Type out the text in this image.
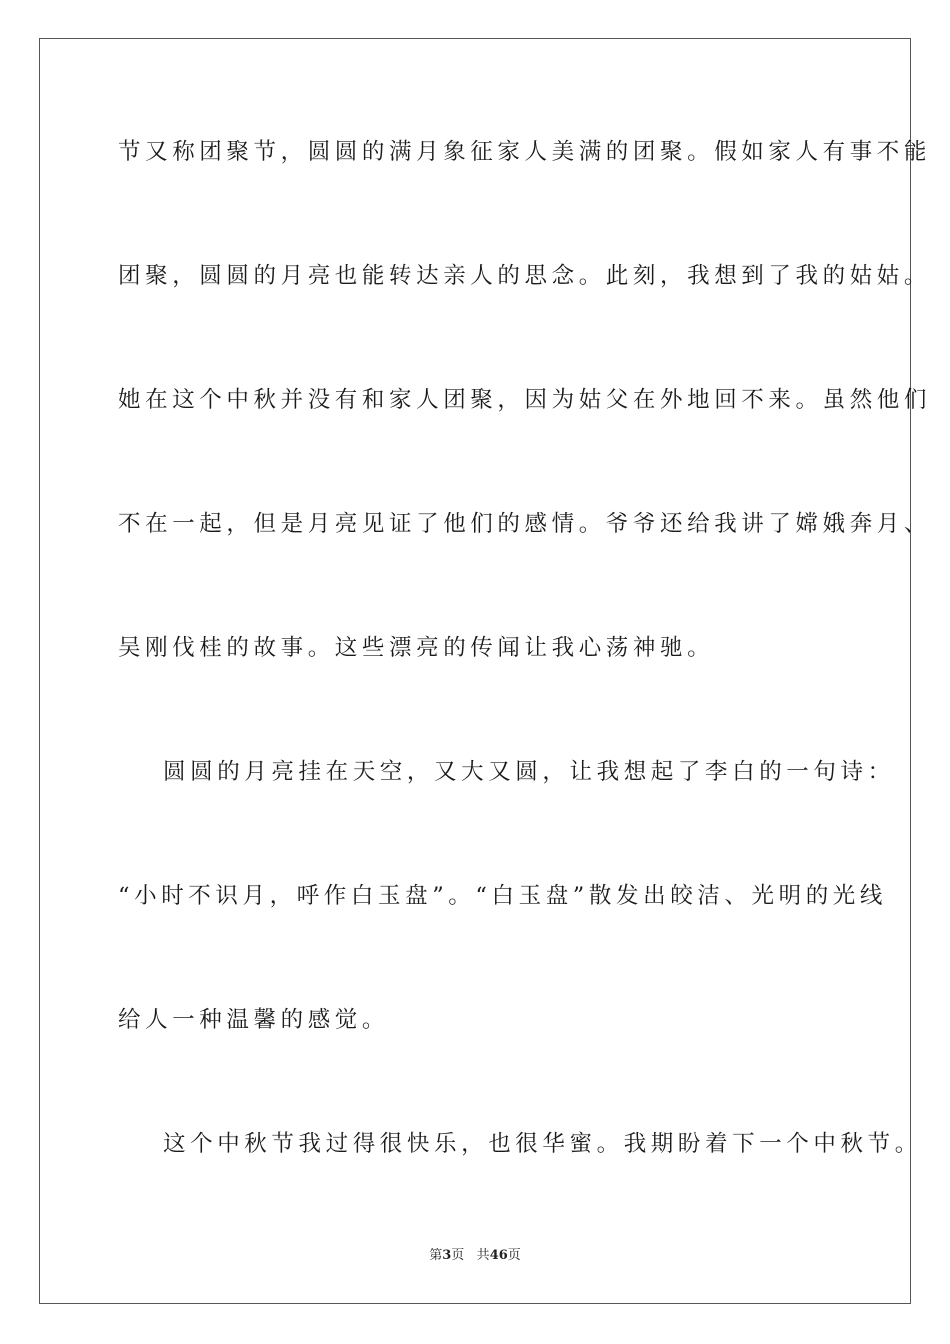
节又称团聚节，圆圆的满月象征家人美满的团聚。假如家人有事不能
团聚，圆圆的月亮也能转达亲人的思念。此刻，我想到了我的姑姑。
她在这个中秋并没有和家人团聚，因为姑父在外地回不来。虽然他们
不在一起，但是月亮见证了他们的感情。爷爷还给我讲了嫦娥奔月、
吴刚伐桂的故事。这些漂亮的传闻让我心荡神驰。
圆圆的月亮挂在天空，又大又圆，让我想起了李白的一句诗：
“小时不识月，呼作白玉盘”。“白玉盘”散发出皎洁、光明的光线
给人一种温馨的感觉。
这个中秋节我过得很快乐，也很华蜜。我期盼着下一个中秋节。
第3页 共46页
